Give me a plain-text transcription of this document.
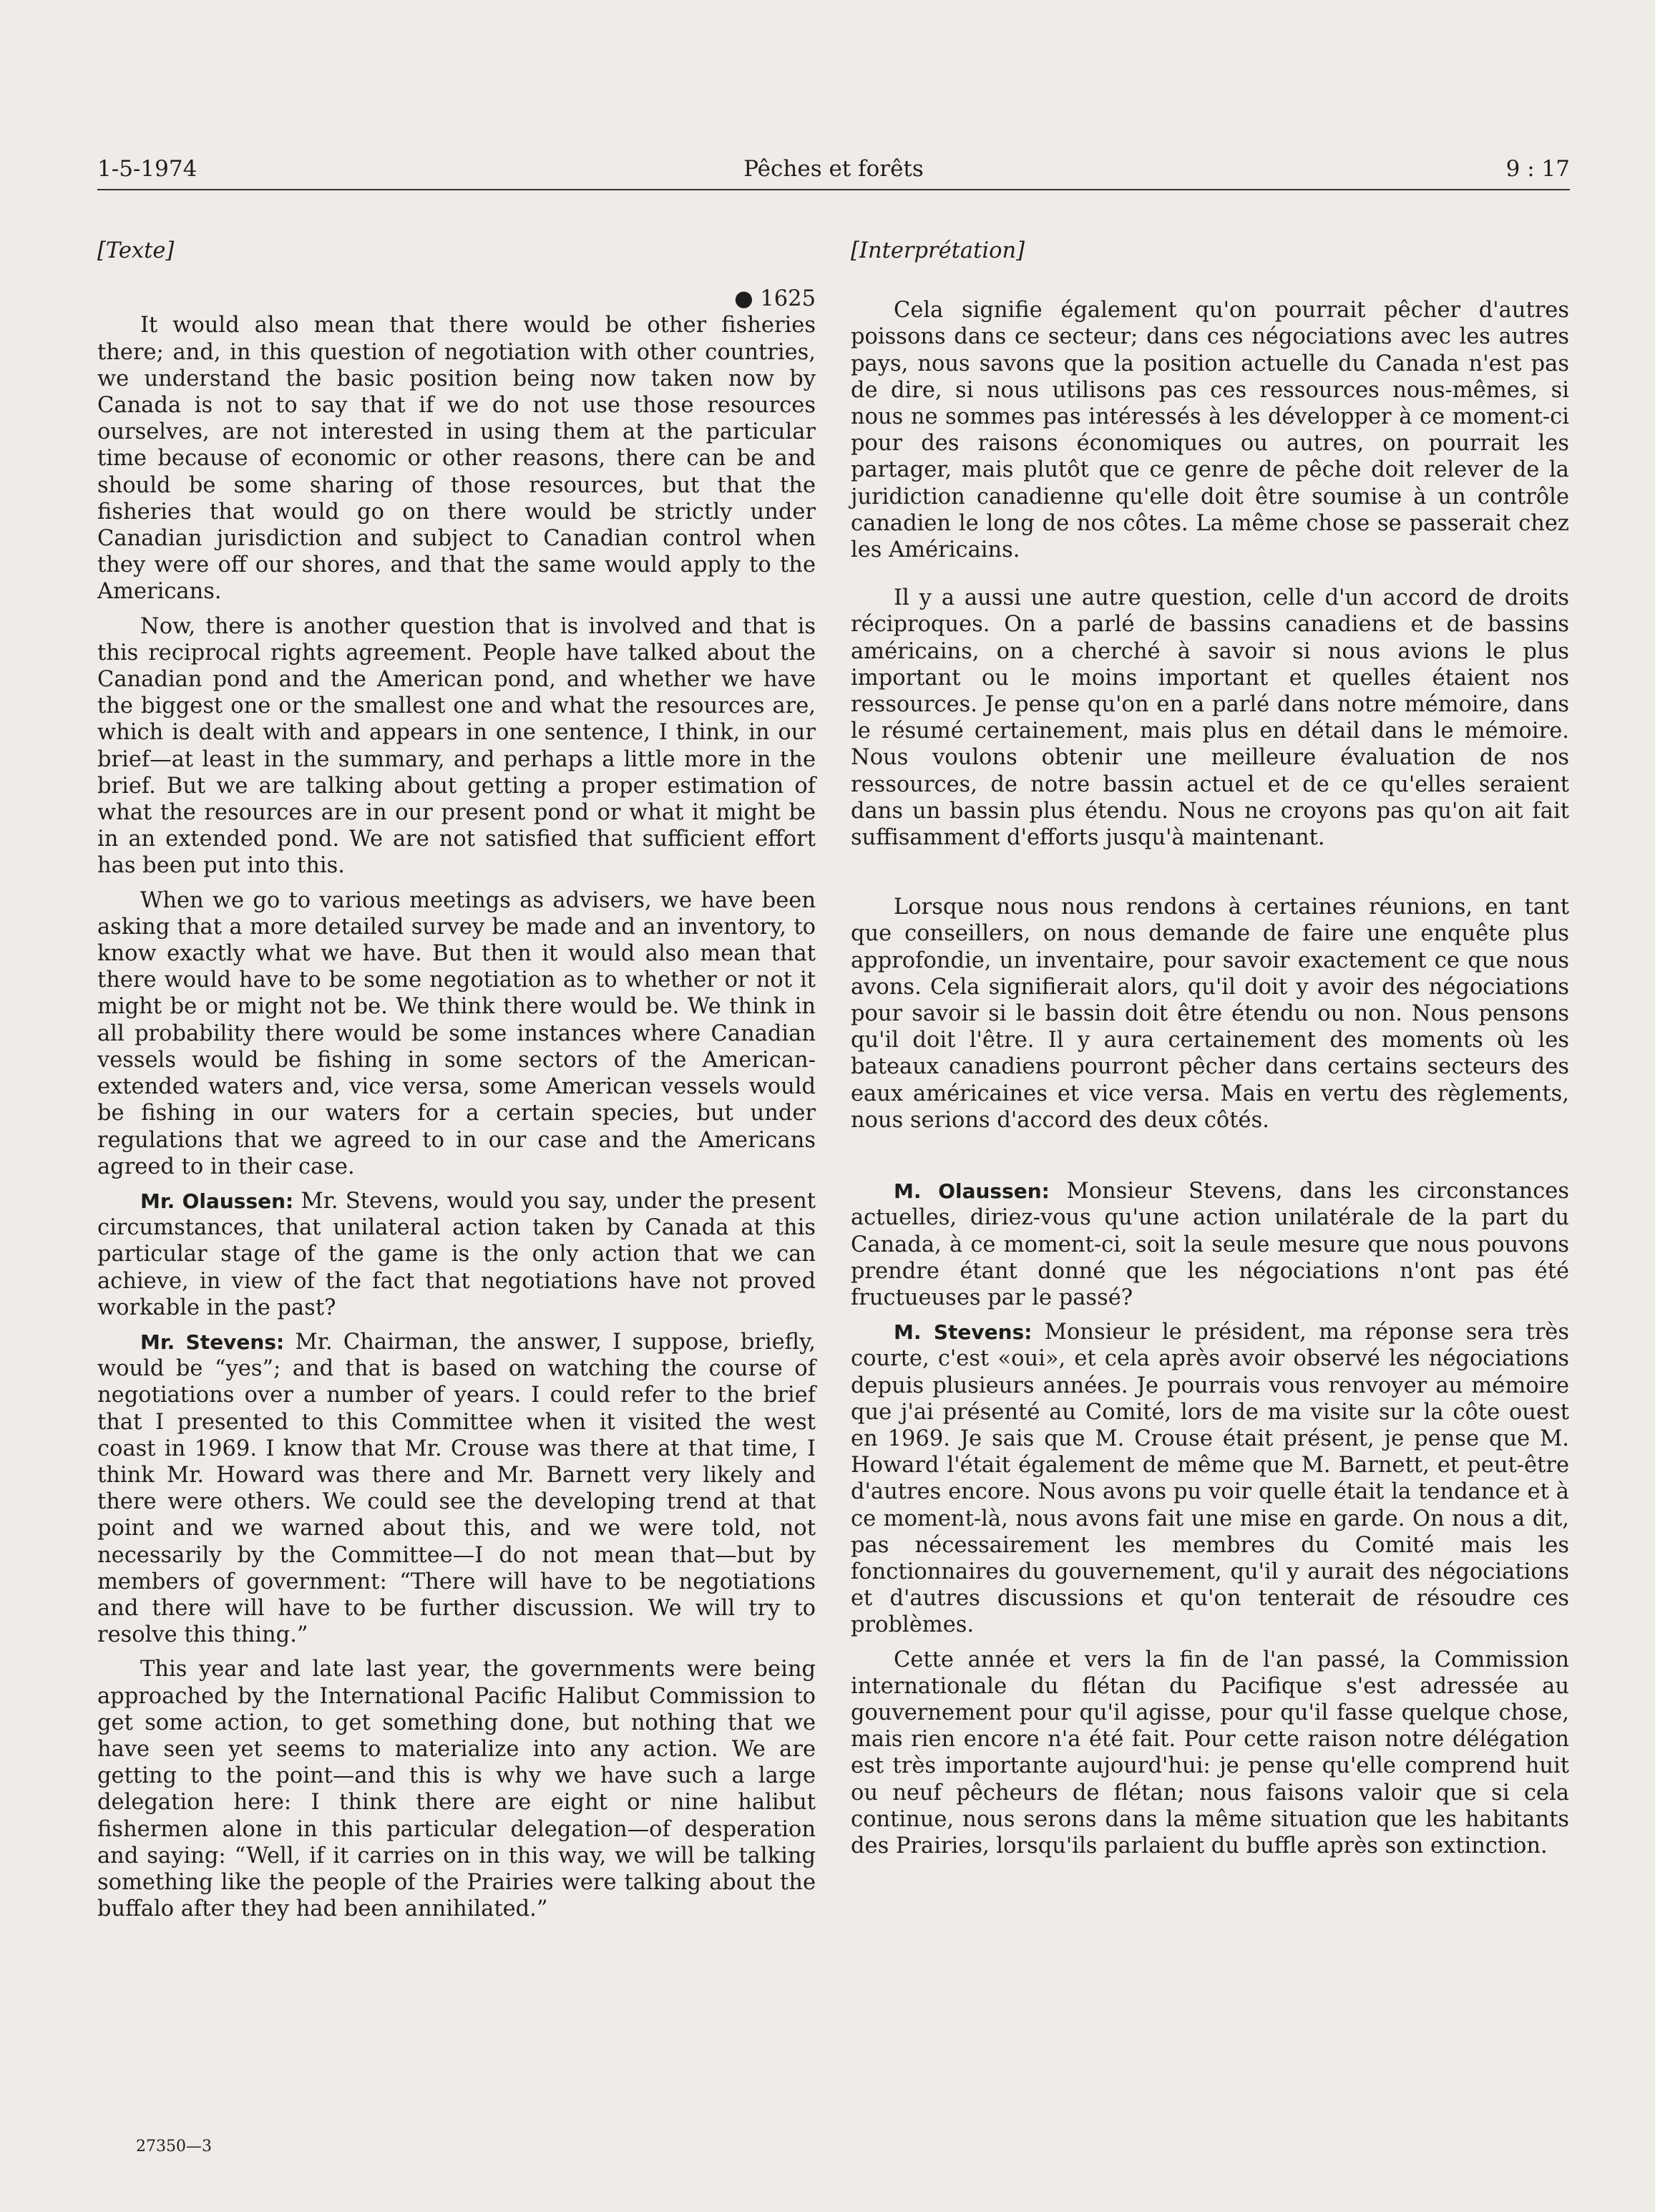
1-5-1974	Pêches et forêts	9 : 17

[Texte]

● 1625

It would also mean that there would be other fisheries there; and, in this question of negotiation with other countries, we understand the basic position being now taken now by Canada is not to say that if we do not use those resources ourselves, are not interested in using them at the particular time because of economic or other reasons, there can be and should be some sharing of those resources, but that the fisheries that would go on there would be strictly under Canadian jurisdiction and subject to Canadian control when they were off our shores, and that the same would apply to the Americans.

Now, there is another question that is involved and that is this reciprocal rights agreement. People have talked about the Canadian pond and the American pond, and whether we have the biggest one or the smallest one and what the resources are, which is dealt with and appears in one sentence, I think, in our brief—at least in the summary, and perhaps a little more in the brief. But we are talking about getting a proper estimation of what the resources are in our present pond or what it might be in an extended pond. We are not satisfied that sufficient effort has been put into this.

When we go to various meetings as advisers, we have been asking that a more detailed survey be made and an inventory, to know exactly what we have. But then it would also mean that there would have to be some negotiation as to whether or not it might be or might not be. We think there would be. We think in all probability there would be some instances where Canadian vessels would be fishing in some sectors of the American-extended waters and, vice versa, some American vessels would be fishing in our waters for a certain species, but under regulations that we agreed to in our case and the Americans agreed to in their case.

Mr. Olaussen: Mr. Stevens, would you say, under the present circumstances, that unilateral action taken by Canada at this particular stage of the game is the only action that we can achieve, in view of the fact that negotiations have not proved workable in the past?

Mr. Stevens: Mr. Chairman, the answer, I suppose, briefly, would be “yes”; and that is based on watching the course of negotiations over a number of years. I could refer to the brief that I presented to this Committee when it visited the west coast in 1969. I know that Mr. Crouse was there at that time, I think Mr. Howard was there and Mr. Barnett very likely and there were others. We could see the developing trend at that point and we warned about this, and we were told, not necessarily by the Committee—I do not mean that—but by members of government: “There will have to be negotiations and there will have to be further discussion. We will try to resolve this thing.”

This year and late last year, the governments were being approached by the International Pacific Halibut Commission to get some action, to get something done, but nothing that we have seen yet seems to materialize into any action. We are getting to the point—and this is why we have such a large delegation here: I think there are eight or nine halibut fishermen alone in this particular delegation—of desperation and saying: “Well, if it carries on in this way, we will be talking something like the people of the Prairies were talking about the buffalo after they had been annihilated.”

[Interprétation]

Cela signifie également qu'on pourrait pêcher d'autres poissons dans ce secteur; dans ces négociations avec les autres pays, nous savons que la position actuelle du Canada n'est pas de dire, si nous utilisons pas ces ressources nous-mêmes, si nous ne sommes pas intéressés à les développer à ce moment-ci pour des raisons économiques ou autres, on pourrait les partager, mais plutôt que ce genre de pêche doit relever de la juridiction canadienne qu'elle doit être soumise à un contrôle canadien le long de nos côtes. La même chose se passerait chez les Américains.

Il y a aussi une autre question, celle d'un accord de droits réciproques. On a parlé de bassins canadiens et de bassins américains, on a cherché à savoir si nous avions le plus important ou le moins important et quelles étaient nos ressources. Je pense qu'on en a parlé dans notre mémoire, dans le résumé certainement, mais plus en détail dans le mémoire. Nous voulons obtenir une meilleure évaluation de nos ressources, de notre bassin actuel et de ce qu'elles seraient dans un bassin plus étendu. Nous ne croyons pas qu'on ait fait suffisamment d'efforts jusqu'à maintenant.

Lorsque nous nous rendons à certaines réunions, en tant que conseillers, on nous demande de faire une enquête plus approfondie, un inventaire, pour savoir exactement ce que nous avons. Cela signifierait alors, qu'il doit y avoir des négociations pour savoir si le bassin doit être étendu ou non. Nous pensons qu'il doit l'être. Il y aura certainement des moments où les bateaux canadiens pourront pêcher dans certains secteurs des eaux américaines et vice versa. Mais en vertu des règlements, nous serions d'accord des deux côtés.

M. Olaussen: Monsieur Stevens, dans les circonstances actuelles, diriez-vous qu'une action unilatérale de la part du Canada, à ce moment-ci, soit la seule mesure que nous pouvons prendre étant donné que les négociations n'ont pas été fructueuses par le passé?

M. Stevens: Monsieur le président, ma réponse sera très courte, c'est «oui», et cela après avoir observé les négociations depuis plusieurs années. Je pourrais vous renvoyer au mémoire que j'ai présenté au Comité, lors de ma visite sur la côte ouest en 1969. Je sais que M. Crouse était présent, je pense que M. Howard l'était également de même que M. Barnett, et peut-être d'autres encore. Nous avons pu voir quelle était la tendance et à ce moment-là, nous avons fait une mise en garde. On nous a dit, pas nécessairement les membres du Comité mais les fonctionnaires du gouvernement, qu'il y aurait des négociations et d'autres discussions et qu'on tenterait de résoudre ces problèmes.

Cette année et vers la fin de l'an passé, la Commission internationale du flétan du Pacifique s'est adressée au gouvernement pour qu'il agisse, pour qu'il fasse quelque chose, mais rien encore n'a été fait. Pour cette raison notre délégation est très importante aujourd'hui: je pense qu'elle comprend huit ou neuf pêcheurs de flétan; nous faisons valoir que si cela continue, nous serons dans la même situation que les habitants des Prairies, lorsqu'ils parlaient du buffle après son extinction.

27350—3
